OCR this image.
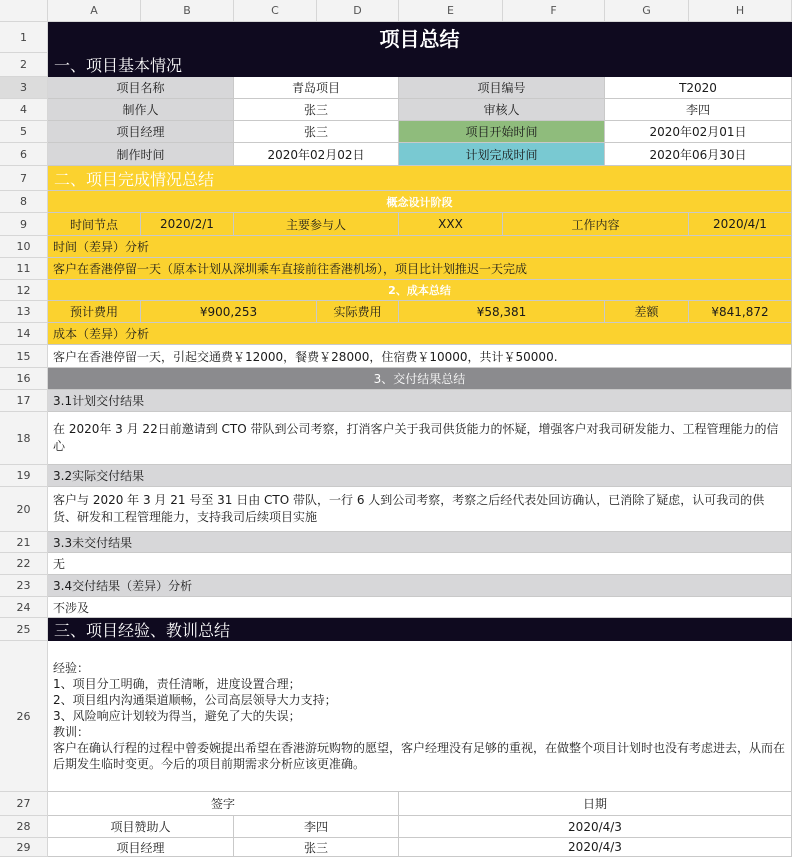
A	B	C	D	E	F	G	H
1
2
3
4
5
6
7
8
9
10
11
12
13
14
15
16
17
18
19
20
21
22
23
24
25
26
27
28
29
项目总结
一、项目基本情况
项目名称	青岛项目	项目编号	T2020
制作人	张三	审核人	李四
项目经理	张三	项目开始时间	2020年02月01日
制作时间	2020年02月02日	计划完成时间	2020年06月30日
二、项目完成情况总结
概念设计阶段
时间节点	2020/2/1	主要参与人	XXX	工作内容	2020/4/1
时间（差异）分析
客户在香港停留一天（原本计划从深圳乘车直接前往香港机场），项目比计划推迟一天完成
2、成本总结
预计费用	¥900,253	实际费用	¥58,381	差额	¥841,872
成本（差异）分析
客户在香港停留一天，引起交通费￥12000，餐费￥28000，住宿费￥10000，共计￥50000.
3、交付结果总结
3.1计划交付结果
在 2020年 3 月 22日前邀请到 CTO 带队到公司考察，打消客户关于我司供货能力的怀疑，增强客户对我司研发能力、工程管理能力的信心
3.2实际交付结果
客户与 2020 年 3 月 21 号至 31 日由 CTO 带队，一行 6 人到公司考察，考察之后经代表处回访确认，已消除了疑虑，认可我司的供货、研发和工程管理能力，支持我司后续项目实施
3.3未交付结果
无
3.4交付结果（差异）分析
不涉及
三、项目经验、教训总结
经验：
1、项目分工明确，责任清晰，进度设置合理；
2、项目组内沟通渠道顺畅，公司高层领导大力支持；
3、风险响应计划较为得当，避免了大的失误；
教训：
客户在确认行程的过程中曾委婉提出希望在香港游玩购物的愿望，客户经理没有足够的重视，在做整个项目计划时也没有考虑进去，从而在后期发生临时变更。今后的项目前期需求分析应该更准确。
签字	日期
项目赞助人	李四	2020/4/3
项目经理	张三	2020/4/3
